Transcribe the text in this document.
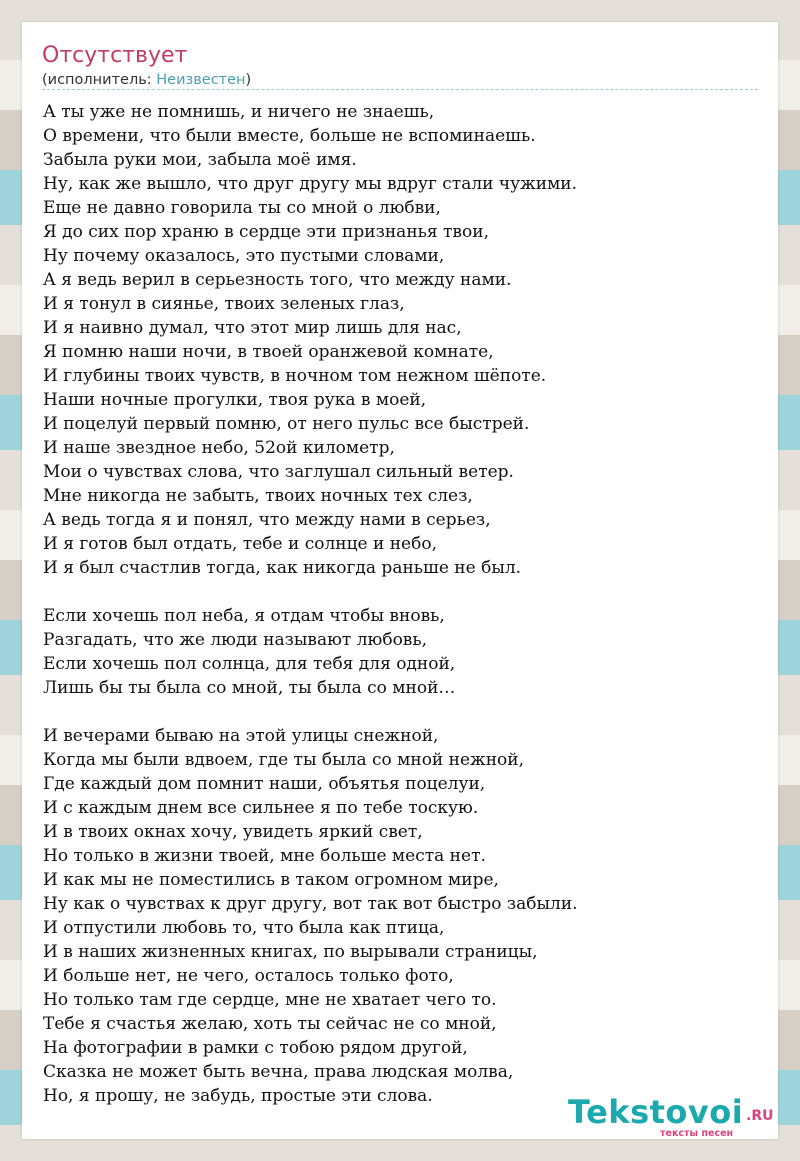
Отсутствует
(исполнитель: Неизвестен)
А ты уже не помнишь, и ничего не знаешь,
О времени, что были вместе, больше не вспоминаешь.
Забыла руки мои, забыла моё имя.
Ну, как же вышло, что друг другу мы вдруг стали чужими.
Еще не давно говорила ты со мной о любви,
Я до сих пор храню в сердце эти признанья твои,
Ну почему оказалось, это пустыми словами,
А я ведь верил в серьезность того, что между нами.
И я тонул в сиянье, твоих зеленых глаз,
И я наивно думал, что этот мир лишь для нас,
Я помню наши ночи, в твоей оранжевой комнате,
И глубины твоих чувств, в ночном том нежном шёпоте.
Наши ночные прогулки, твоя рука в моей,
И поцелуй первый помню, от него пульс все быстрей.
И наше звездное небо, 52ой километр,
Мои о чувствах слова, что заглушал сильный ветер.
Мне никогда не забыть, твоих ночных тех слез,
А ведь тогда я и понял, что между нами в серьез,
И я готов был отдать, тебе и солнце и небо,
И я был счастлив тогда, как никогда раньше не был.
Если хочешь пол неба, я отдам чтобы вновь,
Разгадать, что же люди называют любовь,
Если хочешь пол солнца, для тебя для одной,
Лишь бы ты была со мной, ты была со мной…
И вечерами бываю на этой улицы снежной,
Когда мы были вдвоем, где ты была со мной нежной,
Где каждый дом помнит наши, объятья поцелуи,
И с каждым днем все сильнее я по тебе тоскую.
И в твоих окнах хочу, увидеть яркий свет,
Но только в жизни твоей, мне больше места нет.
И как мы не поместились в таком огромном мире,
Ну как о чувствах к друг другу, вот так вот быстро забыли.
И отпустили любовь то, что была как птица,
И в наших жизненных книгах, по вырывали страницы,
И больше нет, не чего, осталось только фото,
Но только там где сердце, мне не хватает чего то.
Тебе я счастья желаю, хоть ты сейчас не со мной,
На фотографии в рамки с тобою рядом другой,
Сказка не может быть вечна, права людская молва,
Но, я прошу, не забудь, простые эти слова.	Tekstovoi .RU
тексты песен
